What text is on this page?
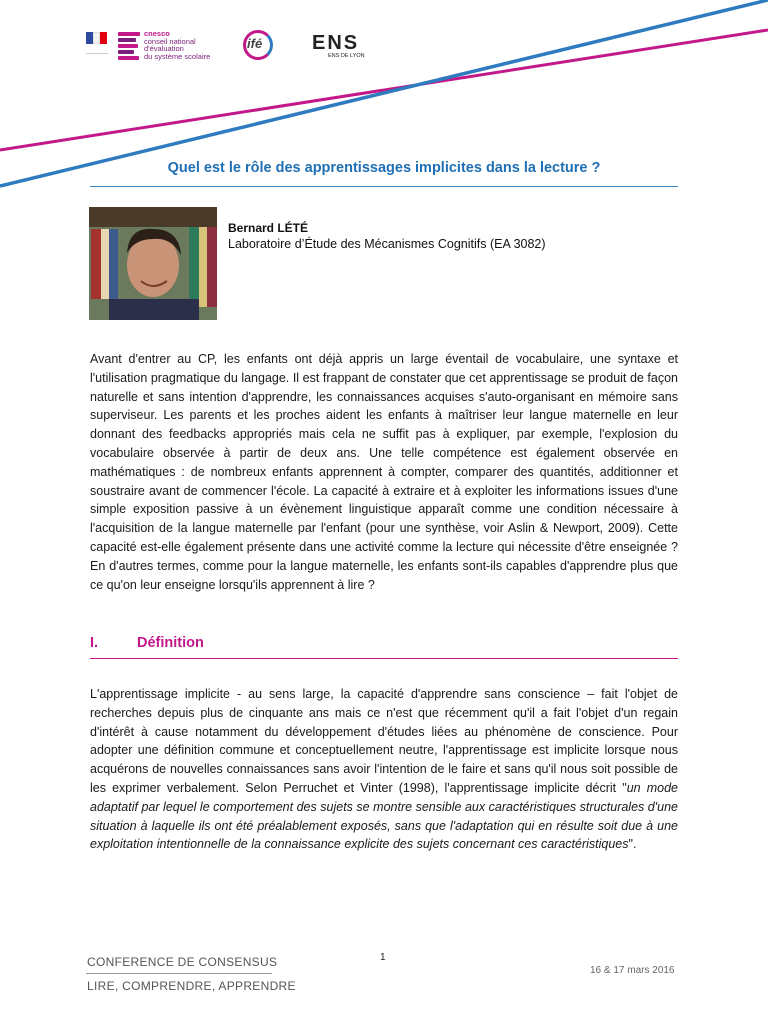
cnesco
conseil national
d'évaluation
du système scolaire
ifé ENS
ENS DE LYON
Quel est le rôle des apprentissages implicites dans la lecture ?
Bernard LÉTÉ
Laboratoire d’Étude des Mécanismes Cognitifs (EA 3082)
Avant d'entrer au CP, les enfants ont déjà appris un large éventail de vocabulaire, une syntaxe et l'utilisation pragmatique du langage. Il est frappant de constater que cet apprentissage se produit de façon naturelle et sans intention d'apprendre, les connaissances acquises s'auto-organisant en mémoire sans superviseur. Les parents et les proches aident les enfants à maîtriser leur langue maternelle en leur donnant des feedbacks appropriés mais cela ne suffit pas à expliquer, par exemple, l'explosion du vocabulaire observée à partir de deux ans. Une telle compétence est également observée en mathématiques : de nombreux enfants apprennent à compter, comparer des quantités, additionner et soustraire avant de commencer l'école. La capacité à extraire et à exploiter les informations issues d'une simple exposition passive à un évènement linguistique apparaît comme une condition nécessaire à l'acquisition de la langue maternelle par l'enfant (pour une synthèse, voir Aslin & Newport, 2009). Cette capacité est-elle également présente dans une activité comme la lecture qui nécessite d'être enseignée ? En d'autres termes, comme pour la langue maternelle, les enfants sont-ils capables d'apprendre plus que ce qu'on leur enseigne lorsqu'ils apprennent à lire ?
I.	Définition
L'apprentissage implicite - au sens large, la capacité d'apprendre sans conscience – fait l'objet de recherches depuis plus de cinquante ans mais ce n'est que récemment qu'il a fait l'objet d'un regain d'intérêt à cause notamment du développement d'études liées au phénomène de conscience. Pour adopter une définition commune et conceptuellement neutre, l'apprentissage est implicite lorsque nous acquérons de nouvelles connaissances sans avoir l'intention de le faire et sans qu'il nous soit possible de les exprimer verbalement. Selon Perruchet et Vinter (1998), l'apprentissage implicite décrit "un mode adaptatif par lequel le comportement des sujets se montre sensible aux caractéristiques structurales d'une situation à laquelle ils ont été préalablement exposés, sans que l'adaptation qui en résulte soit due à une exploitation intentionnelle de la connaissance explicite des sujets concernant ces caractéristiques".
CONFERENCE DE CONSENSUS
LIRE, COMPRENDRE, APPRENDRE
1
16 & 17 mars 2016
